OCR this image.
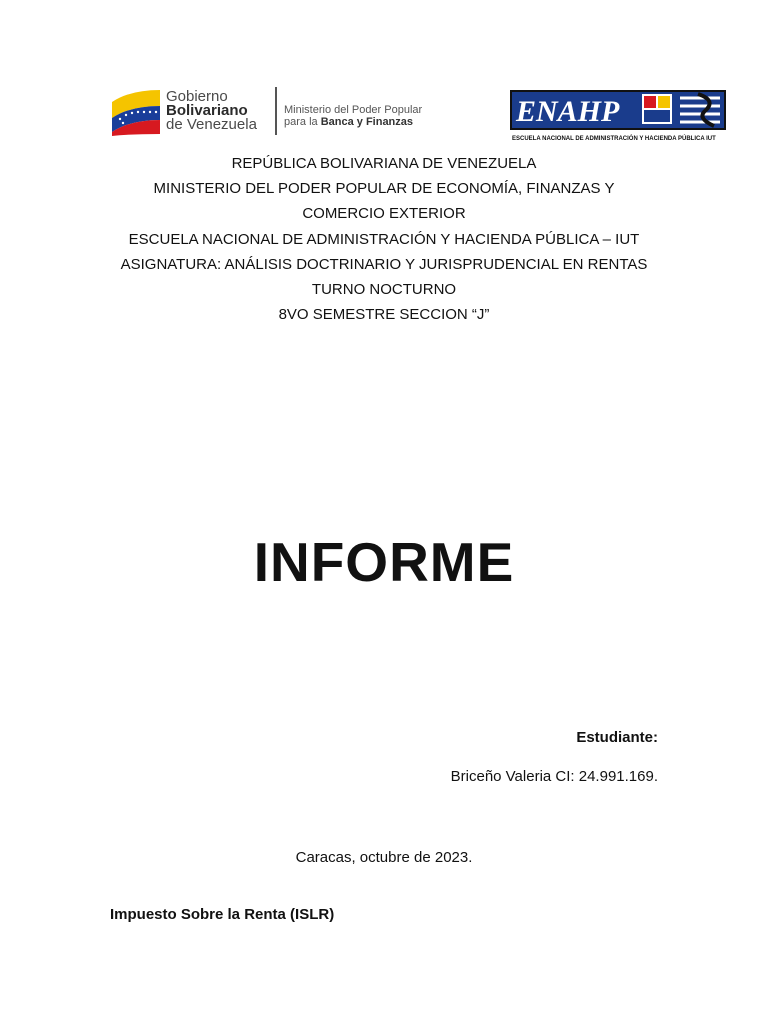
Gobierno
Bolivariano
de Venezuela
Ministerio del Poder Popular
para la Banca y Finanzas	ENAHP
ESCUELA NACIONAL DE ADMINISTRACIÓN Y HACIENDA PÚBLICA IUT
REPÚBLICA BOLIVARIANA DE VENEZUELA
MINISTERIO DEL PODER POPULAR DE ECONOMÍA, FINANZAS Y
COMERCIO EXTERIOR
ESCUELA NACIONAL DE ADMINISTRACIÓN Y HACIENDA PÚBLICA – IUT
ASIGNATURA: ANÁLISIS DOCTRINARIO Y JURISPRUDENCIAL EN RENTAS
TURNO NOCTURNO
8VO SEMESTRE SECCION “J”
INFORME
Estudiante:
Briceño Valeria CI: 24.991.169.
Caracas, octubre de 2023.
Impuesto Sobre la Renta (ISLR)
